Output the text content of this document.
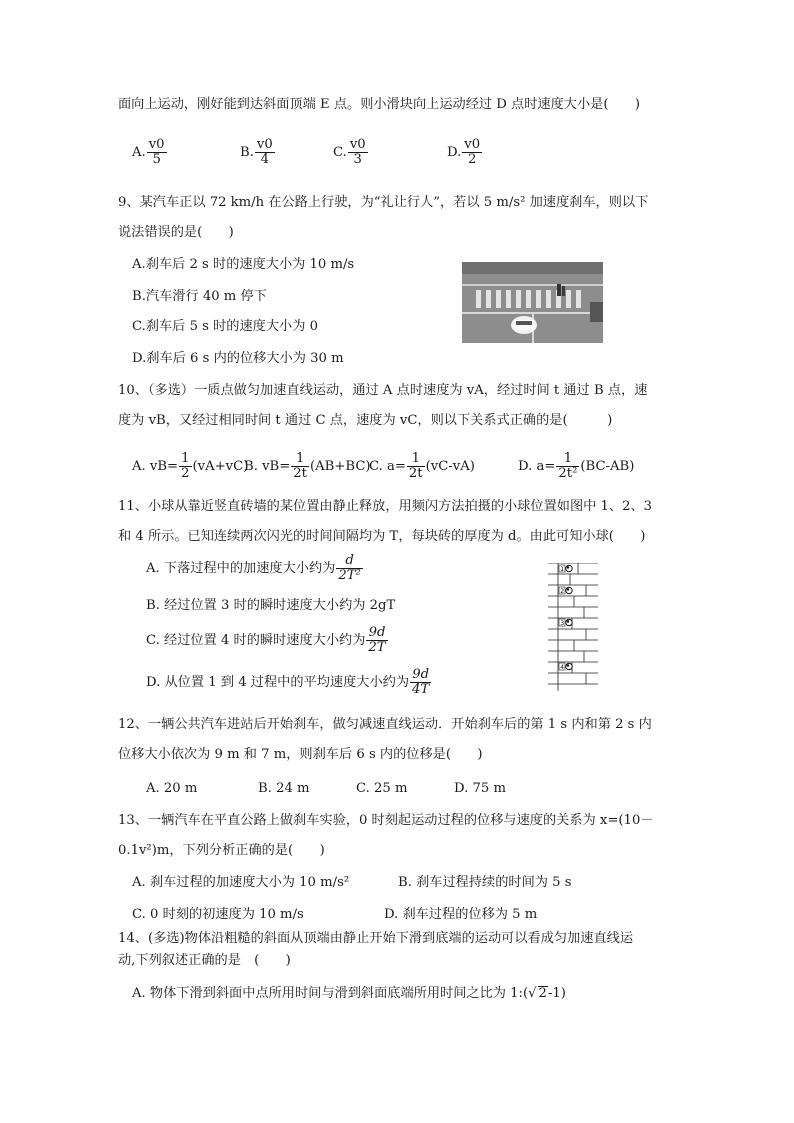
面向上运动，刚好能到达斜面顶端 E 点。则小滑块向上运动经过 D 点时速度大小是(　　)
A. $\frac{v0}{5}$	B. $\frac{v0}{4}$	C. $\frac{v0}{3}$	D. $\frac{v0}{2}$
9、某汽车正以 72 km/h 在公路上行驶，为“礼让行人”，若以 5 m/s² 加速度刹车，则以下
说法错误的是(　　)
A.刹车后 2 s 时的速度大小为 10 m/s
B.汽车滑行 40 m 停下
C.刹车后 5 s 时的速度大小为 0
D.刹车后 6 s 内的位移大小为 30 m
10、（多选）一质点做匀加速直线运动，通过 A 点时速度为 vA，经过时间 t 通过 B 点，速
度为 vB，又经过相同时间 t 通过 C 点，速度为 vC，则以下关系式正确的是(　　　)
A. $vB= \frac{1}{2} (vA+vC)$
B. $vB= \frac{1}{2t} (AB+BC)$
C. $a= \frac{1}{2t} (vC-vA)$	D. $a= \frac{1}{\text{2t²}} (BC-AB)$
11、小球从靠近竖直砖墙的某位置由静止释放，用频闪方法拍摄的小球位置如图中 1、2、3
和 4 所示。已知连续两次闪光的时间间隔均为 T，每块砖的厚度为 d。由此可知小球(　　)
A. 下落过程中的加速度大小约为 $\frac{d}{\text{2T²}}$
B. 经过位置 3 时的瞬时速度大小约为 2gT
C. 经过位置 4 时的瞬时速度大小约为 $\frac{9d}{2T}$
D. 从位置 1 到 4 过程中的平均速度大小约为 $\frac{9d}{4T}$
1
2
3
4
12、一辆公共汽车进站后开始刹车，做匀减速直线运动．开始刹车后的第 1 s 内和第 2 s 内
位移大小依次为 9 m 和 7 m，则刹车后 6 s 内的位移是(　　)
A. 20 m	B. 24 m	C. 25 m	D. 75 m
13、一辆汽车在平直公路上做刹车实验，0 时刻起运动过程的位移与速度的关系为 x=(10－
0.1v²)m，下列分析正确的是(　　)
A. 刹车过程的加速度大小为 10 m/s²	B. 刹车过程持续的时间为 5 s
C. 0 时刻的初速度为 10 m/s	D. 刹车过程的位移为 5 m
14、(多选)物体沿粗糙的斜面从顶端由静止开始下滑到底端的运动可以看成匀加速直线运
动,下列叙述正确的是　(　　)
A. 物体下滑到斜面中点所用时间与滑到斜面底端所用时间之比为 1:(√ 2-1)
